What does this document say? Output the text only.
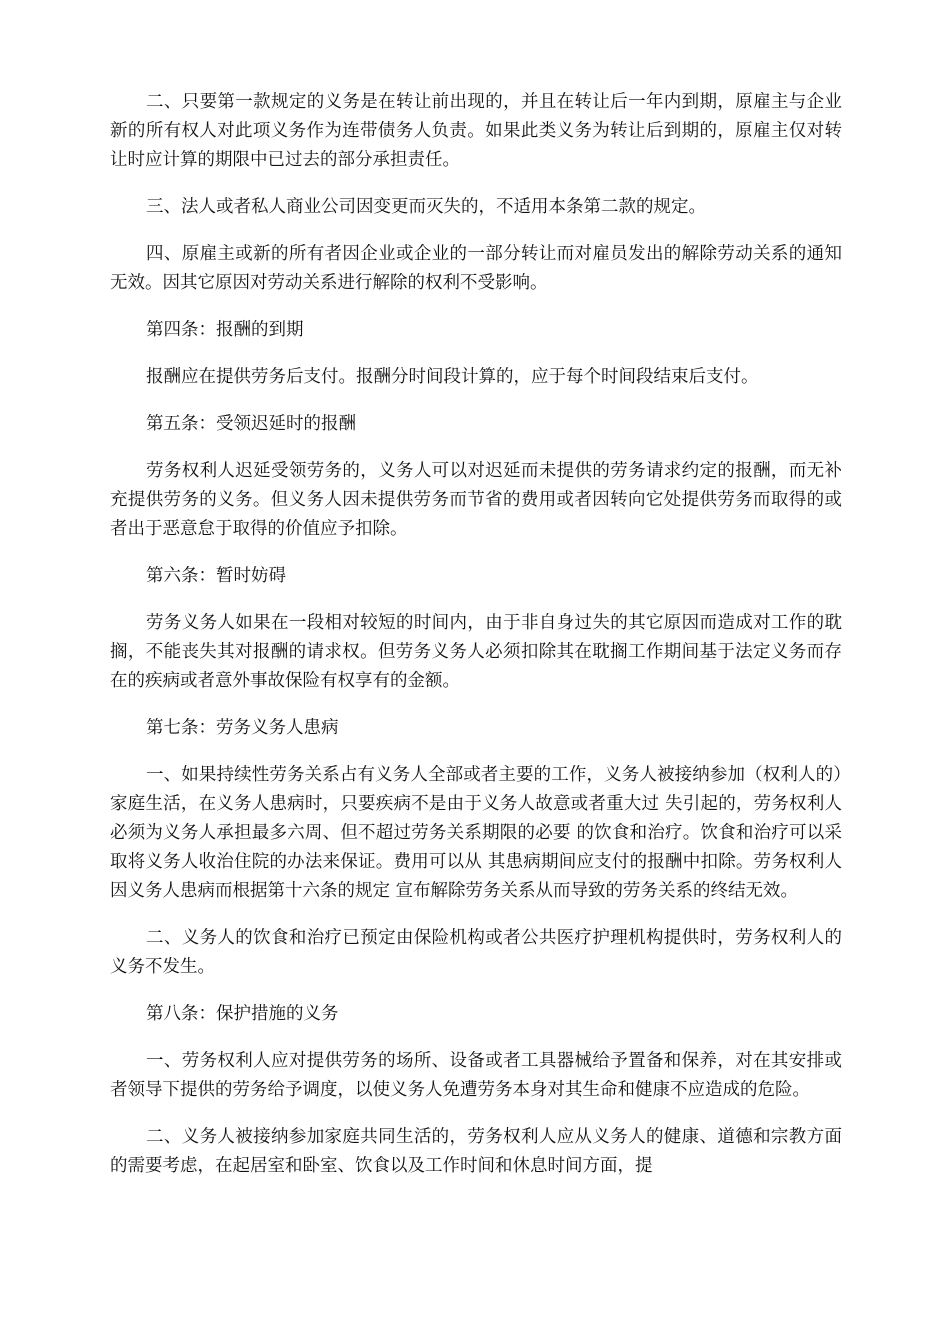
二、只要第一款规定的义务是在转让前出现的，并且在转让后一年内到期，原雇主与企业新的所有权人对此项义务作为连带债务人负责。如果此类义务为转让后到期的，原雇主仅对转让时应计算的期限中已过去的部分承担责任。

三、法人或者私人商业公司因变更而灭失的，不适用本条第二款的规定。

四、原雇主或新的所有者因企业或企业的一部分转让而对雇员发出的解除劳动关系的通知无效。因其它原因对劳动关系进行解除的权利不受影响。

第四条：报酬的到期

报酬应在提供劳务后支付。报酬分时间段计算的，应于每个时间段结束后支付。

第五条：受领迟延时的报酬

劳务权利人迟延受领劳务的，义务人可以对迟延而未提供的劳务请求约定的报酬，而无补充提供劳务的义务。但义务人因未提供劳务而节省的费用或者因转向它处提供劳务而取得的或者出于恶意怠于取得的价值应予扣除。

第六条：暂时妨碍

劳务义务人如果在一段相对较短的时间内，由于非自身过失的其它原因而造成对工作的耽搁，不能丧失其对报酬的请求权。但劳务义务人必须扣除其在耽搁工作期间基于法定义务而存在的疾病或者意外事故保险有权享有的金额。

第七条：劳务义务人患病

一、如果持续性劳务关系占有义务人全部或者主要的工作，义务人被接纳参加（权利人的）家庭生活，在义务人患病时，只要疾病不是由于义务人故意或者重大过 失引起的，劳务权利人必须为义务人承担最多六周、但不超过劳务关系期限的必要 的饮食和治疗。饮食和治疗可以采取将义务人收治住院的办法来保证。费用可以从 其患病期间应支付的报酬中扣除。劳务权利人因义务人患病而根据第十六条的规定 宣布解除劳务关系从而导致的劳务关系的终结无效。

二、义务人的饮食和治疗已预定由保险机构或者公共医疗护理机构提供时，劳务权利人的义务不发生。

第八条：保护措施的义务

一、劳务权利人应对提供劳务的场所、设备或者工具器械给予置备和保养，对在其安排或者领导下提供的劳务给予调度，以使义务人免遭劳务本身对其生命和健康不应造成的危险。

二、义务人被接纳参加家庭共同生活的，劳务权利人应从义务人的健康、道德和宗教方面的需要考虑，在起居室和卧室、饮食以及工作时间和休息时间方面，提
